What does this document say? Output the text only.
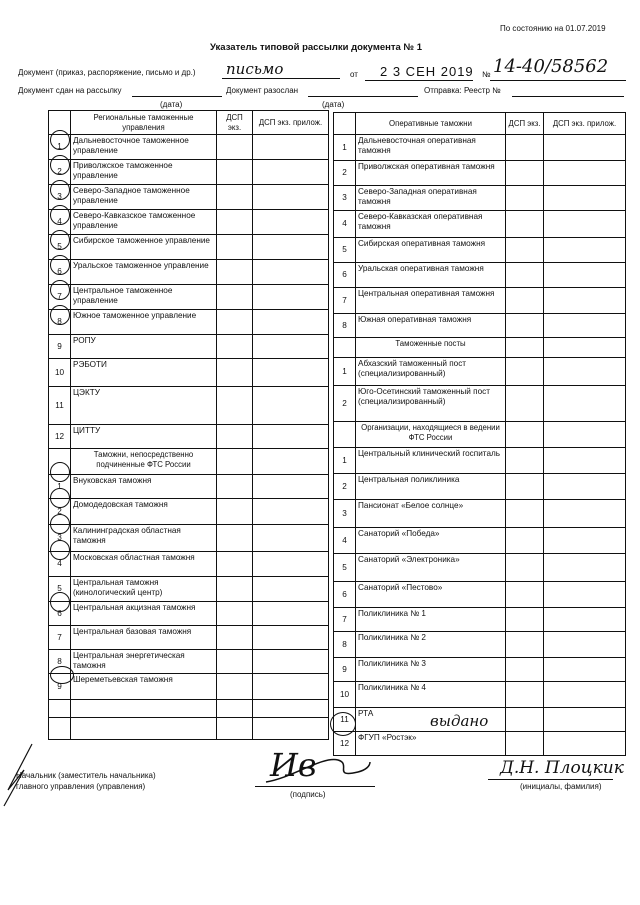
По состоянию на 01.07.2019
Указатель типовой рассылки документа № 1
Документ (приказ, распоряжение, письмо и др.) письмо	от 2 3 СЕН 2019 № 14-40/58562
Документ сдан на рассылку	Документ разослан	Отправка: Реестр №
(дата)	(дата)
	Региональные таможенные управления	ДСП экз.	ДСП экз. прилож.
1	Дальневосточное таможенное управление		
2	Приволжское таможенное управление		
3	Северо-Западное таможенное управление		
4	Северо-Кавказское таможенное управление		
5	Сибирское таможенное управление		
6	Уральское таможенное управление		
7	Центральное таможенное управление		
8	Южное таможенное управление		
9	РОПУ		
10	РЭБОТИ		
11	ЦЭКТУ		
12	ЦИТТУ		
	Таможни, непосредственно подчиненные ФТС России		
1	Внуковская таможня		
2	Домодедовская таможня		
3	Калининградская областная таможня		
4	Московская областная таможня		
5	Центральная таможня (кинологический центр)		
6	Центральная акцизная таможня		
7	Центральная базовая таможня		
8	Центральная энергетическая таможня		
9	Шереметьевская таможня		

	Оперативные таможни	ДСП экз.	ДСП экз. прилож.
1	Дальневосточная оперативная таможня		
2	Приволжская оперативная таможня		
3	Северо-Западная оперативная таможня		
4	Северо-Кавказская оперативная таможня		
5	Сибирская оперативная таможня		
6	Уральская оперативная таможня		
7	Центральная оперативная таможня		
8	Южная оперативная таможня		
	Таможенные посты		
1	Абхазский таможенный пост (специализированный)		
2	Юго-Осетинский таможенный пост (специализированный)		
	Организации, находящиеся в ведении ФТС России		
1	Центральный клинический госпиталь		
2	Центральная поликлиника		
3	Пансионат «Белое солнце»		
4	Санаторий «Победа»		
5	Санаторий «Электроника»		
6	Санаторий «Пестово»		
7	Поликлиника № 1		
8	Поликлиника № 2		
9	Поликлиника № 3		
10	Поликлиника № 4		
11	РТА		
12	ФГУП «Ростэк»		
выдано
Начальник (заместитель начальника)
главного управления (управления)
(подпись)
Ив	Д.Н. Плоцкик
(инициалы, фамилия)
